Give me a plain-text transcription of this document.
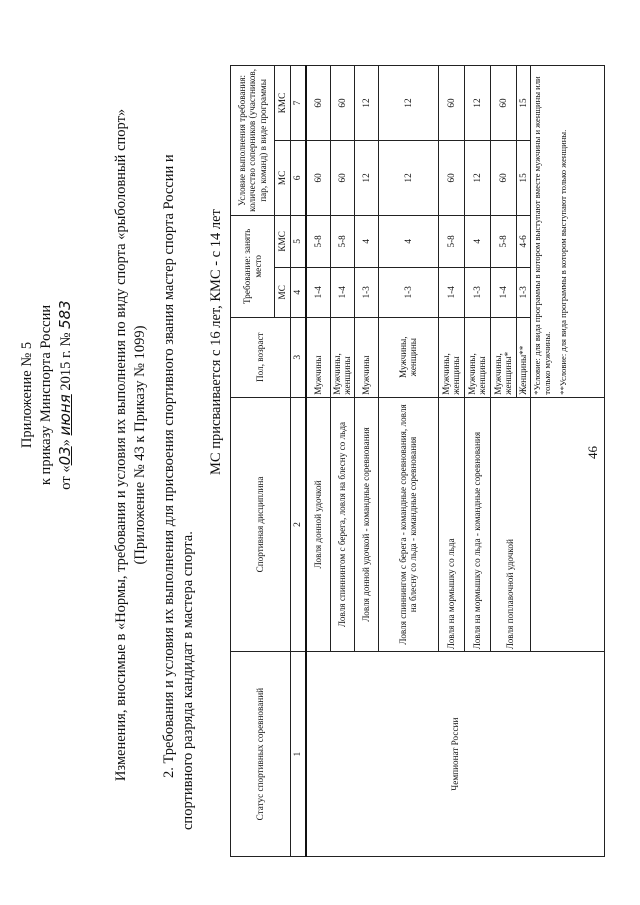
46
Приложение № 5 к приказу Минспорта России от «03» июня 2015 г. № 583	Изменения, вносимые в «Нормы, требования и условия их выполнения по виду спорта «рыболовный спорт» (Приложение № 43 к Приказу № 1099) 2. Требования и условия их выполнения для присвоения спортивного звания мастер спорта России и спортивного разряда кандидат в мастера спорта.
МС присваивается с 16 лет, КМС - с 14 лет
Статус спортивных соревнований	Спортивная дисциплина	Пол, возраст	Требование: занять место		Условие выполнения требования: количество соперников (участников, пар, команд) в виде программы	
			МС	КМС	МС	КМС
1	2	3	4	5	6	7
Чемпионат России	Ловля донной удочкой	Мужчины	1-4	5-8	60	60
	Ловля спиннингом с берега, ловля на блесну со льда	Мужчины, женщины	1-4	5-8	60	60
	Ловля донной удочкой - командные соревнования	Мужчины	1-3	4	12	12
	Ловля спиннингом с берега - командные соревнования, ловля на блесну со льда - командные соревнования	Мужчины, женщины	1-3	4	12	12
	Ловля на мормышку со льда	Мужчины, женщины	1-4	5-8	60	60
	Ловля на мормышку со льда - командные соревнования	Мужчины, женщины	1-3	4	12	12
	Ловля поплавочной удочкой	Мужчины, женщины*	1-4	5-8	60	60
		Женщины**	1-3	4-6	15	15

		*Условие: для вида программы в котором выступают вместе мужчины и женщины или только мужчины. **Условие: для вида программы в котором выступают только женщины.				
